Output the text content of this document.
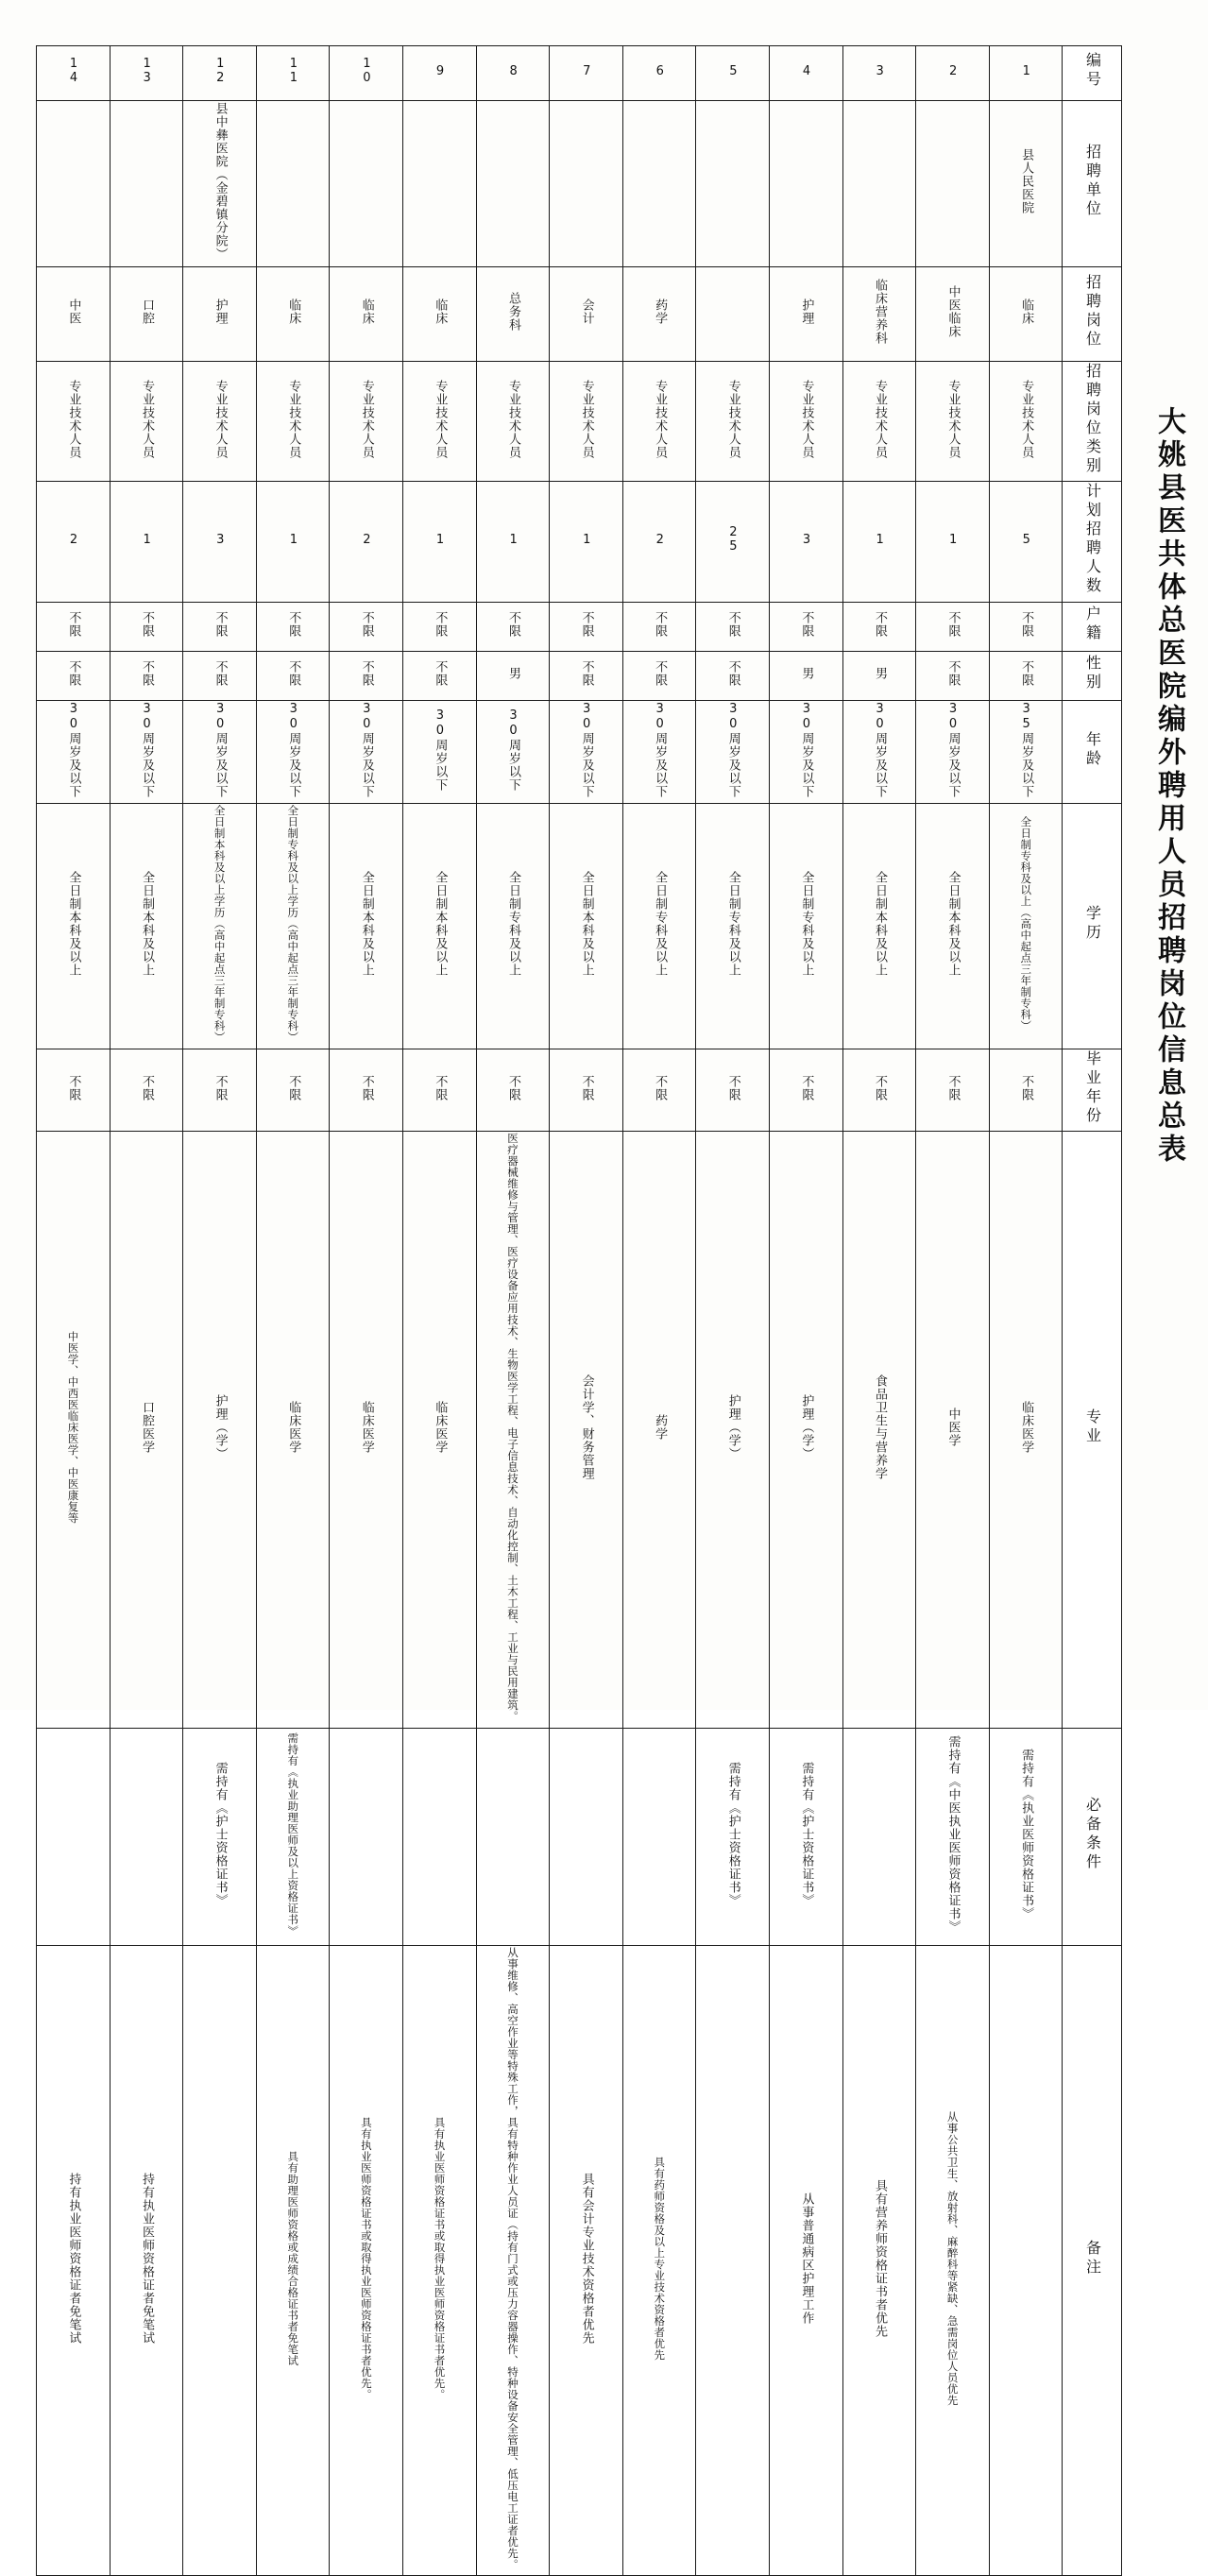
大姚县医共体总医院编外聘用人员招聘岗位信息总表
14	13	12	11	10	9	8	7	6	5	4	3	2	1	编号
		县中彝医院（金碧镇分院）											县人民医院	招聘单位
中医	口腔	护理	临床	临床	临床	总务科	会计	药学		护理	临床营养科	中医临床	临床	招聘岗位
专业技术人员	专业技术人员	专业技术人员	专业技术人员	专业技术人员	专业技术人员	专业技术人员	专业技术人员	专业技术人员	专业技术人员	专业技术人员	专业技术人员	专业技术人员	专业技术人员	招聘岗位类别
2	1	3	1	2	1	1	1	2	25	3	1	1	5	计划招聘人数
不限	不限	不限	不限	不限	不限	不限	不限	不限	不限	不限	不限	不限	不限	户籍
不限	不限	不限	不限	不限	不限	男	不限	不限	不限	男	男	不限	不限	性别
30周岁及以下	30周岁及以下	30周岁及以下	30周岁及以下	30周岁及以下	30周岁以下	30周岁以下	30周岁及以下	30周岁及以下	30周岁及以下	30周岁及以下	30周岁及以下	30周岁及以下	35周岁及以下	年龄
全日制本科及以上	全日制本科及以上	全日制本科及以上学历（高中起点三年制专科）	全日制专科及以上学历（高中起点三年制专科）	全日制本科及以上	全日制本科及以上	全日制专科及以上	全日制本科及以上	全日制专科及以上	全日制专科及以上	全日制专科及以上	全日制本科及以上	全日制本科及以上	全日制专科及以上（高中起点三年制专科）	学历
不限	不限	不限	不限	不限	不限	不限	不限	不限	不限	不限	不限	不限	不限	毕业年份
中医学、中西医临床医学、中医康复等	口腔医学	护理（学）	临床医学	临床医学	临床医学	医疗器械维修与管理、医疗设备应用技术、生物医学工程、电子信息技术、自动化控制、土木工程、工业与民用建筑。	会计学、财务管理	药学	护理（学）	护理（学）	食品卫生与营养学	中医学	临床医学	专业
		需持有《护士资格证书》	需持有《执业助理医师及以上资格证书》						需持有《护士资格证书》	需持有《护士资格证书》		需持有《中医执业医师资格证书》	需持有《执业医师资格证书》	必备条件
持有执业医师资格证者免笔试	持有执业医师资格证者免笔试		具有助理医师资格或成绩合格证书者免笔试	具有执业医师资格证书或取得执业医师资格证书者优先。	具有执业医师资格证书或取得执业医师资格证书者优先。	从事维修、高空作业等特殊工作，具有特种作业人员证（持有门式或压力容器操作、特种设备安全管理、低压电工证者优先。	具有会计专业技术资格者优先	具有药师资格及以上专业技术资格者优先		从事普通病区护理工作	具有营养师资格证书者优先	从事公共卫生、放射科、麻醉科等紧缺、急需岗位人员优先		备注
